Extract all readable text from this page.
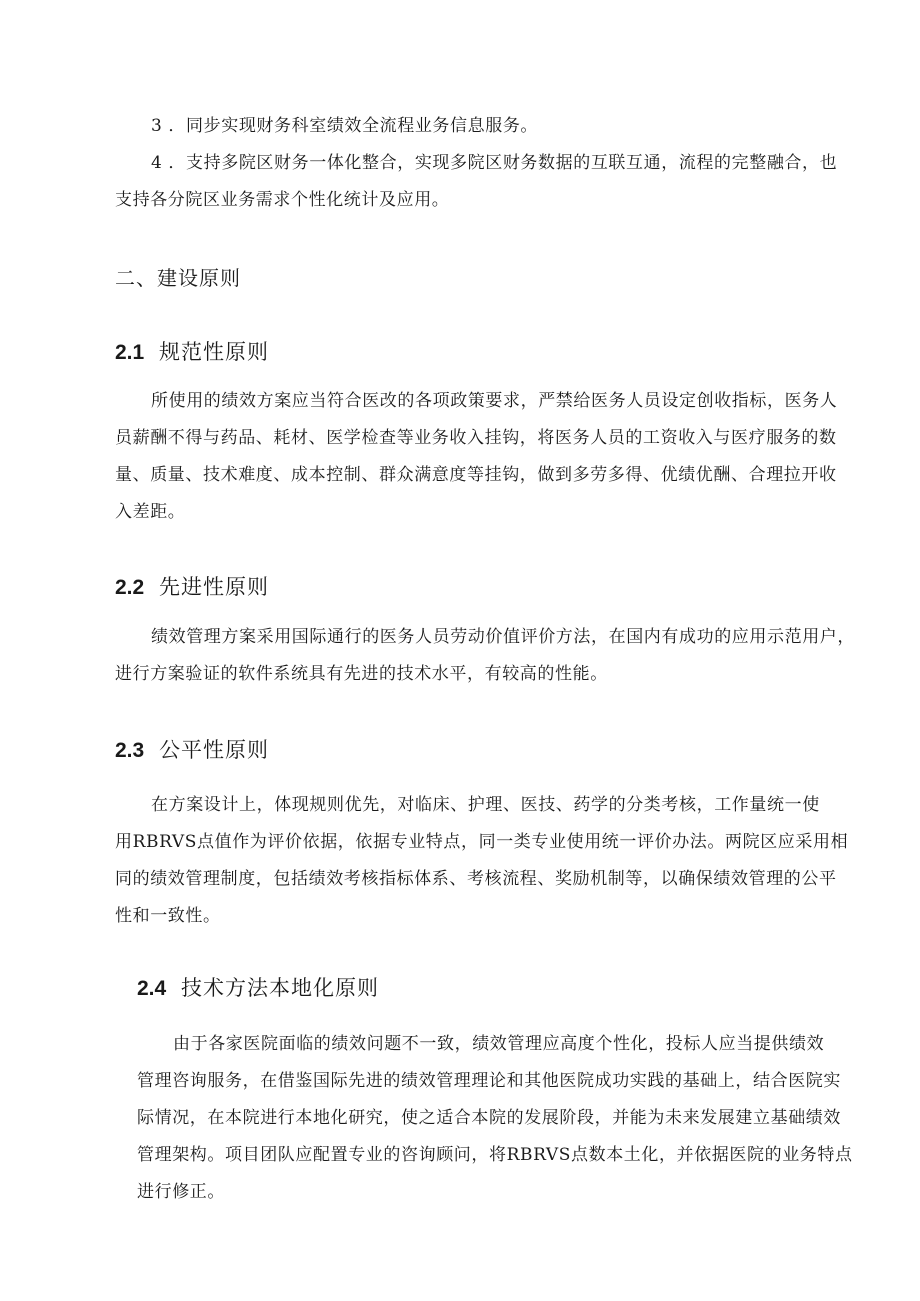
3 ．同步实现财务科室绩效全流程业务信息服务。

4 ．支持多院区财务一体化整合，实现多院区财务数据的互联互通，流程的完整融合，也
支持各分院区业务需求个性化统计及应用。

二、建设原则
2.1 规范性原则

所使用的绩效方案应当符合医改的各项政策要求，严禁给医务人员设定创收指标，医务人
员薪酬不得与药品、耗材、医学检查等业务收入挂钩，将医务人员的工资收入与医疗服务的数
量、质量、技术难度、成本控制、群众满意度等挂钩，做到多劳多得、优绩优酬、合理拉开收
入差距。

2.2 先进性原则

绩效管理方案采用国际通行的医务人员劳动价值评价方法，在国内有成功的应用示范用户，
进行方案验证的软件系统具有先进的技术水平，有较高的性能。

2.3 公平性原则

在方案设计上，体现规则优先，对临床、护理、医技、药学的分类考核，工作量统一使
用RBRVS点值作为评价依据，依据专业特点，同一类专业使用统一评价办法。两院区应采用相
同的绩效管理制度，包括绩效考核指标体系、考核流程、奖励机制等，以确保绩效管理的公平
性和一致性。

2.4 技术方法本地化原则

由于各家医院面临的绩效问题不一致，绩效管理应高度个性化，投标人应当提供绩效
管理咨询服务，在借鉴国际先进的绩效管理理论和其他医院成功实践的基础上，结合医院实
际情况，在本院进行本地化研究，使之适合本院的发展阶段，并能为未来发展建立基础绩效
管理架构。项目团队应配置专业的咨询顾问，将RBRVS点数本土化，并依据医院的业务特点
进行修正。
